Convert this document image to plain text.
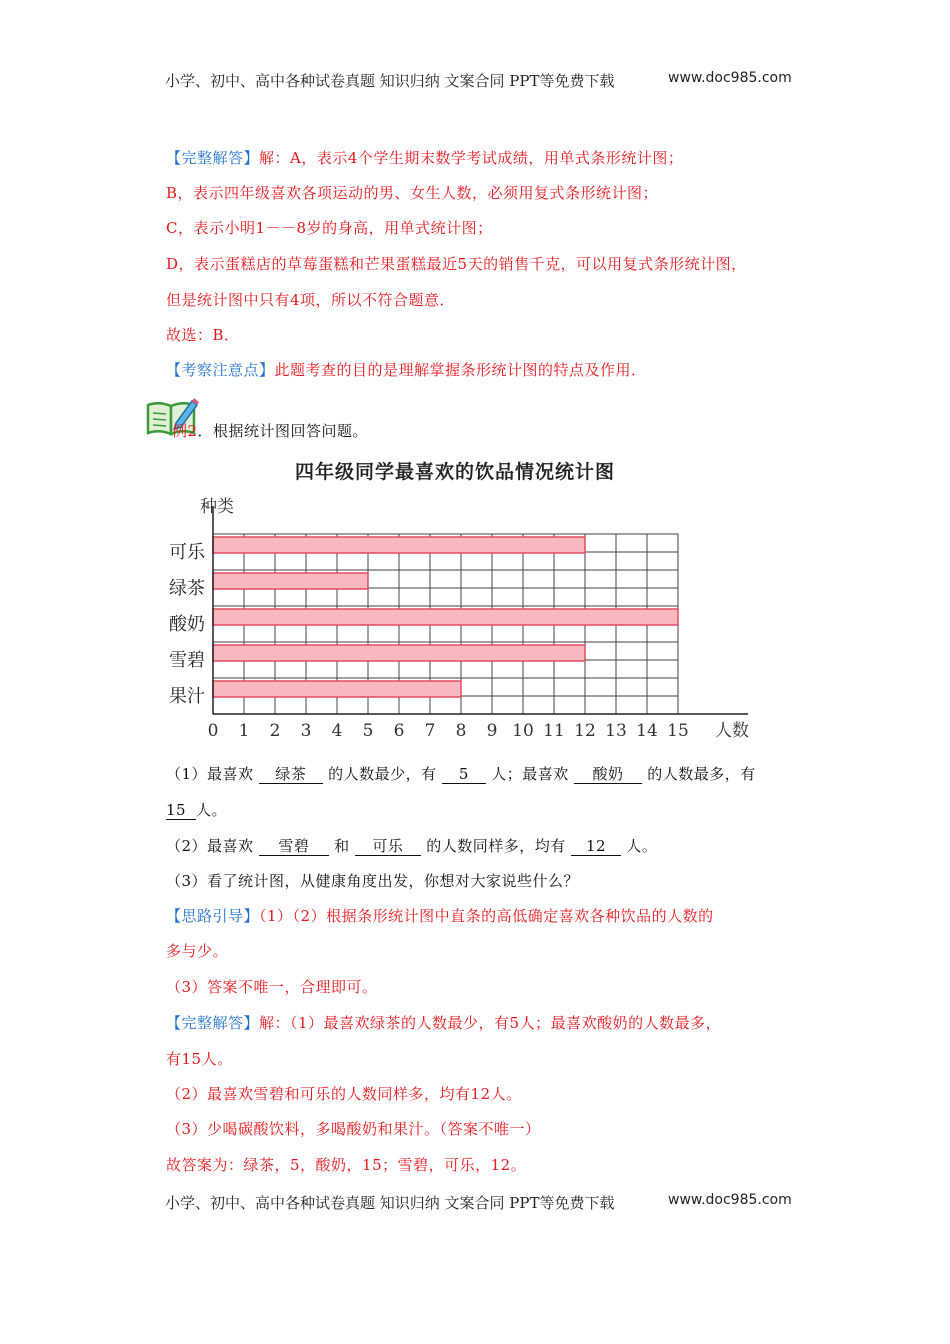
小学、初中、高中各种试卷真题 知识归纳 文案合同 PPT等免费下载	www.doc985.com
【完整解答】解：A，表示4个学生期末数学考试成绩，用单式条形统计图；
B，表示四年级喜欢各项运动的男、女生人数，必须用复式条形统计图；
C，表示小明1－－8岁的身高，用单式统计图；
D，表示蛋糕店的草莓蛋糕和芒果蛋糕最近5天的销售千克，可以用复式条形统计图，
但是统计图中只有4项，所以不符合题意．
故选：B．
【考察注意点】此题考查的目的是理解掌握条形统计图的特点及作用．
例2．根据统计图回答问题。
四年级同学最喜欢的饮品情况统计图
种类
可乐
绿茶
酸奶
雪碧
果汁
0 1 2 3 4 5 6 7 8 9 10 11 12 13 14 15 人数
（1）最喜欢 绿茶 的人数最少，有 5 人；最喜欢 酸奶 的人数最多，有
15 人。
（2）最喜欢 雪碧 和 可乐 的人数同样多，均有 12 人。
（3）看了统计图，从健康角度出发，你想对大家说些什么？
【思路引导】（1）（2）根据条形统计图中直条的高低确定喜欢各种饮品的人数的
多与少。
（3）答案不唯一，合理即可。
【完整解答】解：（1）最喜欢绿茶的人数最少，有5人；最喜欢酸奶的人数最多，
有15人。
（2）最喜欢雪碧和可乐的人数同样多，均有12人。
（3）少喝碳酸饮料，多喝酸奶和果汁。（答案不唯一）
故答案为：绿茶，5，酸奶，15；雪碧，可乐，12。
小学、初中、高中各种试卷真题 知识归纳 文案合同 PPT等免费下载	www.doc985.com
